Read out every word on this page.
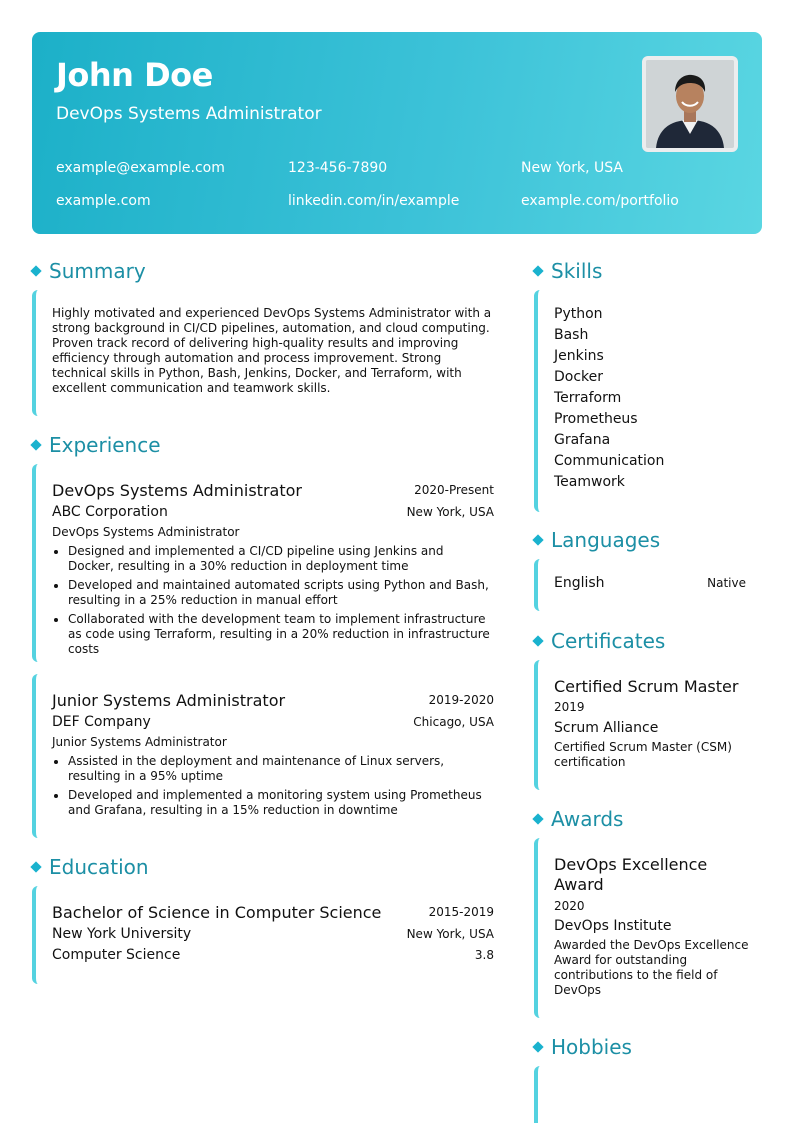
John Doe
DevOps Systems Administrator
example@example.com	123-456-7890	New York, USA
example.com	linkedin.com/in/example	example.com/portfolio
Summary
Highly motivated and experienced DevOps Systems Administrator with a strong background in CI/CD pipelines, automation, and cloud computing. Proven track record of delivering high-quality results and improving efficiency through automation and process improvement. Strong technical skills in Python, Bash, Jenkins, Docker, and Terraform, with excellent communication and teamwork skills.
Experience
DevOps Systems Administrator	2020-Present
ABC Corporation	New York, USA
DevOps Systems Administrator
Designed and implemented a CI/CD pipeline using Jenkins and Docker, resulting in a 30% reduction in deployment time
Developed and maintained automated scripts using Python and Bash, resulting in a 25% reduction in manual effort
Collaborated with the development team to implement infrastructure as code using Terraform, resulting in a 20% reduction in infrastructure costs
Junior Systems Administrator	2019-2020
DEF Company	Chicago, USA
Junior Systems Administrator
Assisted in the deployment and maintenance of Linux servers, resulting in a 95% uptime
Developed and implemented a monitoring system using Prometheus and Grafana, resulting in a 15% reduction in downtime
Education
Bachelor of Science in Computer Science	2015-2019
New York University	New York, USA
Computer Science	3.8
Skills
Python
Bash
Jenkins
Docker
Terraform
Prometheus
Grafana
Communication
Teamwork
Languages
English	Native
Certificates
Certified Scrum Master
2019
Scrum Alliance
Certified Scrum Master (CSM) certification
Awards
DevOps Excellence Award
2020
DevOps Institute
Awarded the DevOps Excellence Award for outstanding contributions to the field of DevOps
Hobbies
